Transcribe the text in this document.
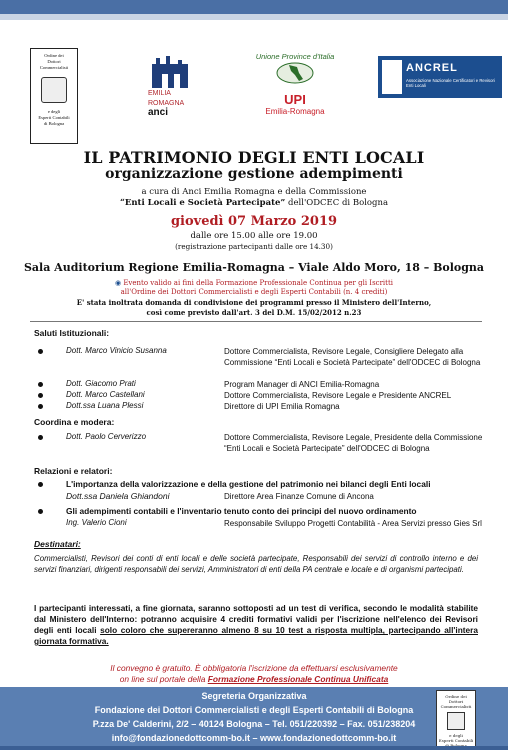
Ordine dei
Dottori
Commercialisti
e degli
Esperti Contabili
di Bologna
EMILIA
ROMAGNA
anci
Unione Province d'Italia
UPI
Emilia-Romagna
ANCREL
Associazione Nazionale Certificatori e Revisori Enti Locali
IL PATRIMONIO DEGLI ENTI LOCALI
organizzazione gestione adempimenti
a cura di Anci Emilia Romagna e della Commissione
“Enti Locali e Società Partecipate” dell'ODCEC di Bologna
giovedì 07 Marzo 2019
dalle ore 15.00 alle ore 19.00
(registrazione partecipanti dalle ore 14.30)
Sala Auditorium Regione Emilia-Romagna – Viale Aldo Moro, 18 – Bologna
◉ Evento valido ai fini della Formazione Professionale Continua per gli Iscritti
all'Ordine dei Dottori Commercialisti e degli Esperti Contabili (n. 4 crediti)
E' stata inoltrata domanda di condivisione dei programmi presso il Ministero dell'Interno,
così come previsto dall'art. 3 del D.M. 15/02/2012 n.23
Saluti Istituzionali:
Dott. Marco Vinicio Susanna	Dottore Commercialista, Revisore Legale, Consigliere Delegato alla Commissione “Enti Locali e Società Partecipate” dell'ODCEC di Bologna
Dott. Giacomo Prati	Program Manager di ANCI Emilia-Romagna
Dott. Marco Castellani	Dottore Commercialista, Revisore Legale e Presidente ANCREL
Dott.ssa Luana Plessi	Direttore di UPI Emilia Romagna
Coordina e modera:
Dott. Paolo Cerverizzo	Dottore Commercialista, Revisore Legale, Presidente della Commissione “Enti Locali e Società Partecipate” dell'ODCEC di Bologna
Relazioni e relatori:
L'importanza della valorizzazione e della gestione del patrimonio nei bilanci degli Enti locali
Dott.ssa Daniela Ghiandoni	Direttore Area Finanze Comune di Ancona
Gli adempimenti contabili e l'inventario tenuto conto dei principi del nuovo ordinamento
Ing. Valerio Cioni	Responsabile Sviluppo Progetti Contabilità - Area Servizi presso Gies Srl
Destinatari:
Commercialisti, Revisori dei conti di enti locali e delle società partecipate, Responsabili dei servizi di controllo interno e dei servizi finanziari, dirigenti responsabili dei servizi, Amministratori di enti della PA centrale e locale e di organismi partecipati.
I partecipanti interessati, a fine giornata, saranno sottoposti ad un test di verifica, secondo le modalità stabilite dal Ministero dell'Interno: potranno acquisire 4 crediti formativi validi per l'iscrizione nell'elenco dei Revisori degli enti locali solo coloro che supereranno almeno 8 su 10 test a risposta multipla, partecipando all'intera giornata formativa.
Il convegno è gratuito. È obbligatoria l'iscrizione da effettuarsi esclusivamente
on line sul portale della Formazione Professionale Continua Unificata
Segreteria Organizzativa
Fondazione dei Dottori Commercialisti e degli Esperti Contabili di Bologna
P.zza De' Calderini, 2/2 – 40124 Bologna – Tel. 051/220392 – Fax. 051/238204
info@fondazionedottcomm-bo.it – www.fondazionedottcomm-bo.it
Ordine dei
Dottori
Commercialisti
e degli
Esperti Contabili
